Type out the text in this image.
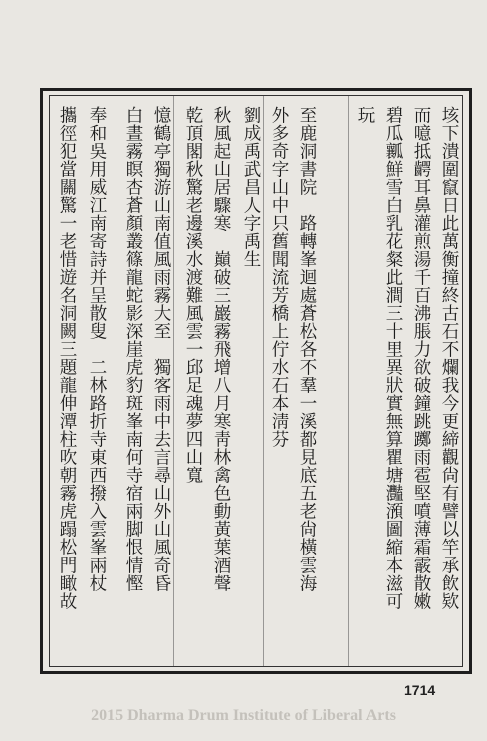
垓下潰圍竄日此萬衡撞終古石不爛我今更締觀尙有譬以竿承飲欵
而噫抵齶耳鼻灌煎湯千百沸脹力欲破鐘跳躑雨雹堅噴薄霜霰散嫩
碧瓜瓤鮮雪白乳花粲此澗三十里異狀實無算瞿塘灩澦圖縮本滋可
玩
至鹿洞書院　路轉峯迴處蒼松各不羣一溪都見底五老尙橫雲海
外多奇字山中只舊聞流芳橋上佇水石本淸芬
劉成禹武昌人字禹生
秋風起山居驟寒　巔破三巖霧飛增八月寒靑林禽色動黃葉酒聲
乾頂閣秋驚老邊溪水渡難風雲一邱足魂夢四山寬
憶鶴亭獨游山南值風雨霧大至　獨客雨中去言尋山外山風奇昏
白晝霧瞑杏蒼顏叢篠龍蛇影深崖虎豹斑峯南何寺宿兩脚恨情慳
奉和吳用威江南寄詩并呈散叟　二林路折寺東西撥入雲峯兩杖
攜徑犯當關驚一老惜遊名洞闕三題龍伸潭柱吹朝霧虎蹋松門瞰故
1714
2015 Dharma Drum Institute of Liberal Arts
